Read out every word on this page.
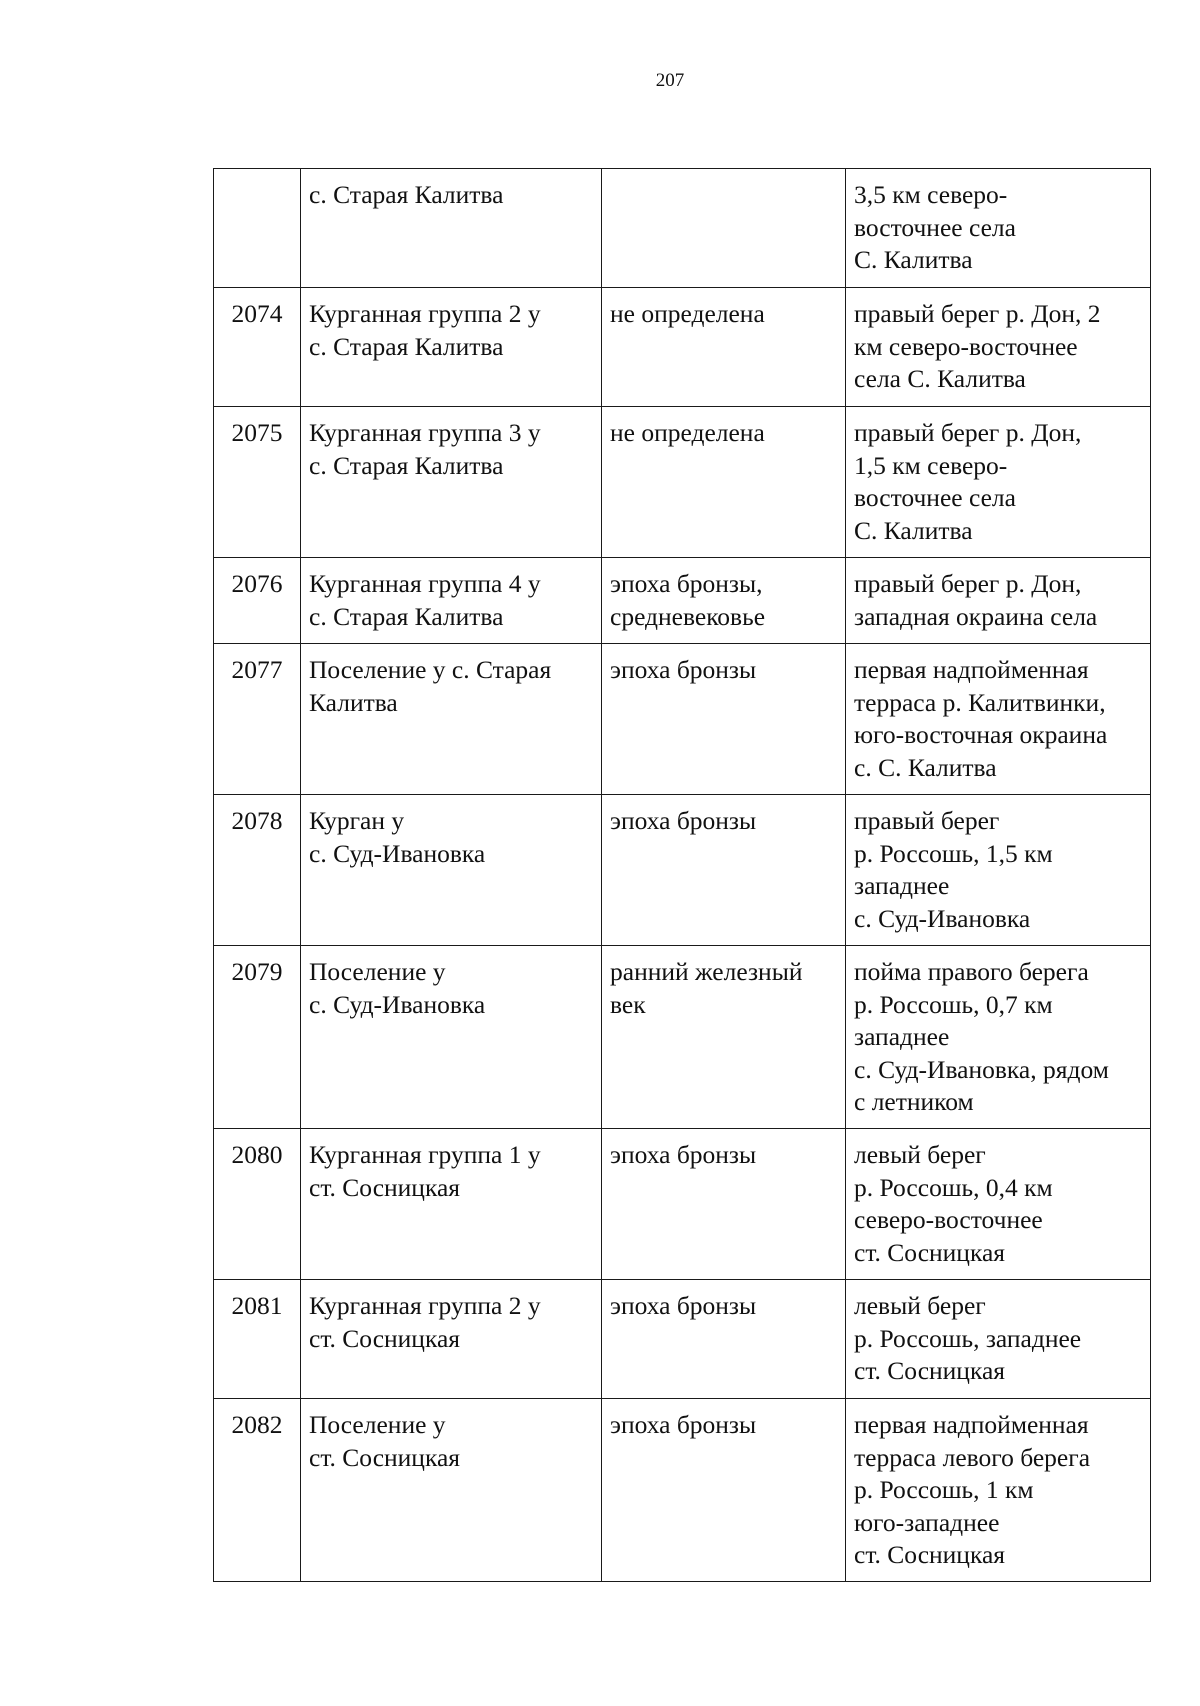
207
	с. Старая Калитва		3,5 км северо-
восточнее села
С. Калитва
2074	Курганная группа 2 у
с. Старая Калитва	не определена	правый берег р. Дон, 2
км северо-восточнее
села С. Калитва
2075	Курганная группа 3 у
с. Старая Калитва	не определена	правый берег р. Дон,
1,5 км северо-
восточнее села
С. Калитва
2076	Курганная группа 4 у
с. Старая Калитва	эпоха бронзы,
средневековье	правый берег р. Дон,
западная окраина села
2077	Поселение у с. Старая
Калитва	эпоха бронзы	первая надпойменная
терраса р. Калитвинки,
юго-восточная окраина
с. С. Калитва
2078	Курган у
с. Суд-Ивановка	эпоха бронзы	правый берег
р. Россошь, 1,5 км
западнее
с. Суд-Ивановка
2079	Поселение у
с. Суд-Ивановка	ранний железный
век	пойма правого берега
р. Россошь, 0,7 км
западнее
с. Суд-Ивановка, рядом
с летником
2080	Курганная группа 1 у
ст. Сосницкая	эпоха бронзы	левый берег
р. Россошь, 0,4 км
северо-восточнее
ст. Сосницкая
2081	Курганная группа 2 у
ст. Сосницкая	эпоха бронзы	левый берег
р. Россошь, западнее
ст. Сосницкая
2082	Поселение у
ст. Сосницкая	эпоха бронзы	первая надпойменная
терраса левого берега
р. Россошь, 1 км
юго-западнее
ст. Сосницкая
